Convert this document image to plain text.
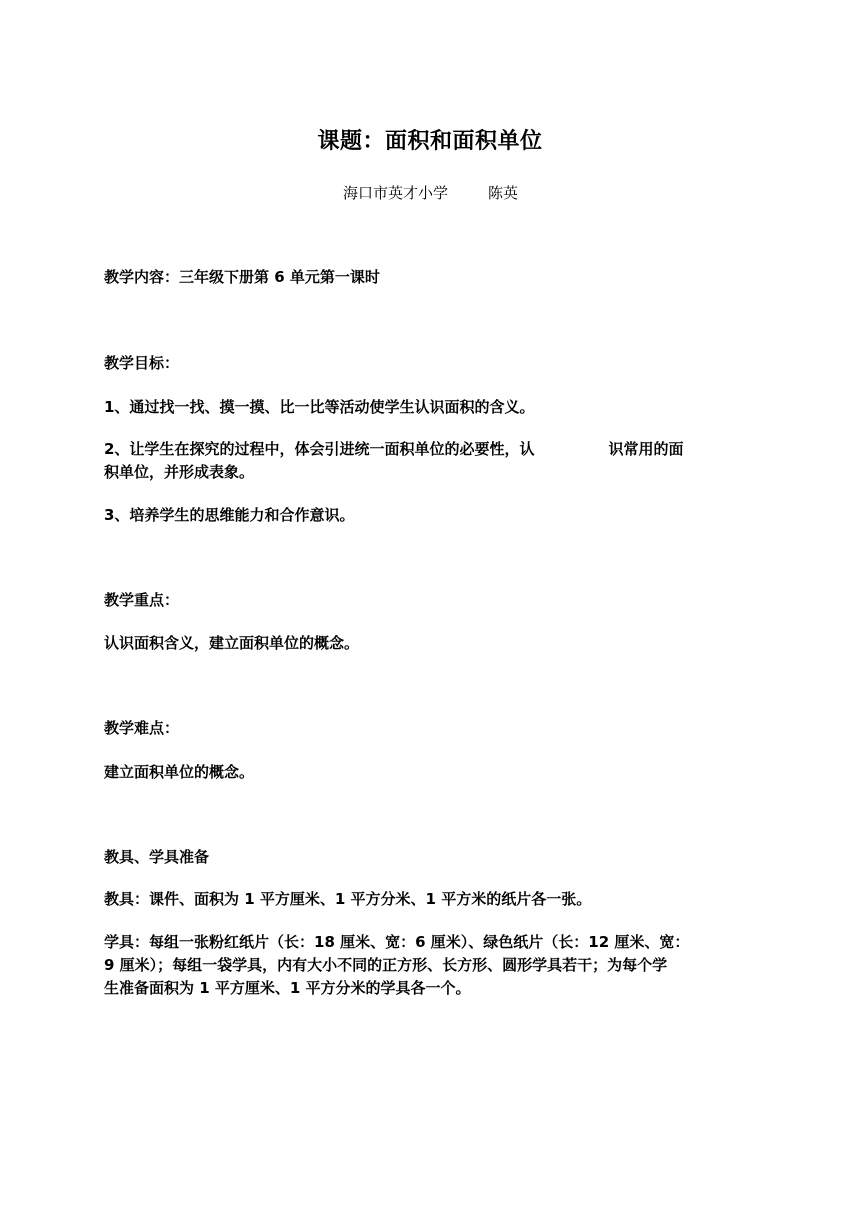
课题：面积和面积单位
海口市英才小学	陈英
教学内容：三年级下册第 6 单元第一课时
教学目标：
1、通过找一找、摸一摸、比一比等活动使学生认识面积的含义。
2、让学生在探究的过程中，体会引进统一面积单位的必要性，认	识常用的面
积单位，并形成表象。
3、培养学生的思维能力和合作意识。
教学重点：
认识面积含义，建立面积单位的概念。
教学难点：
建立面积单位的概念。
教具、学具准备
教具：课件、面积为 1 平方厘米、1 平方分米、1 平方米的纸片各一张。
学具：每组一张粉红纸片（长：18 厘米、宽：6 厘米）、绿色纸片（长：12 厘米、宽：
9 厘米）；每组一袋学具，内有大小不同的正方形、长方形、圆形学具若干；为每个学
生准备面积为 1 平方厘米、1 平方分米的学具各一个。
